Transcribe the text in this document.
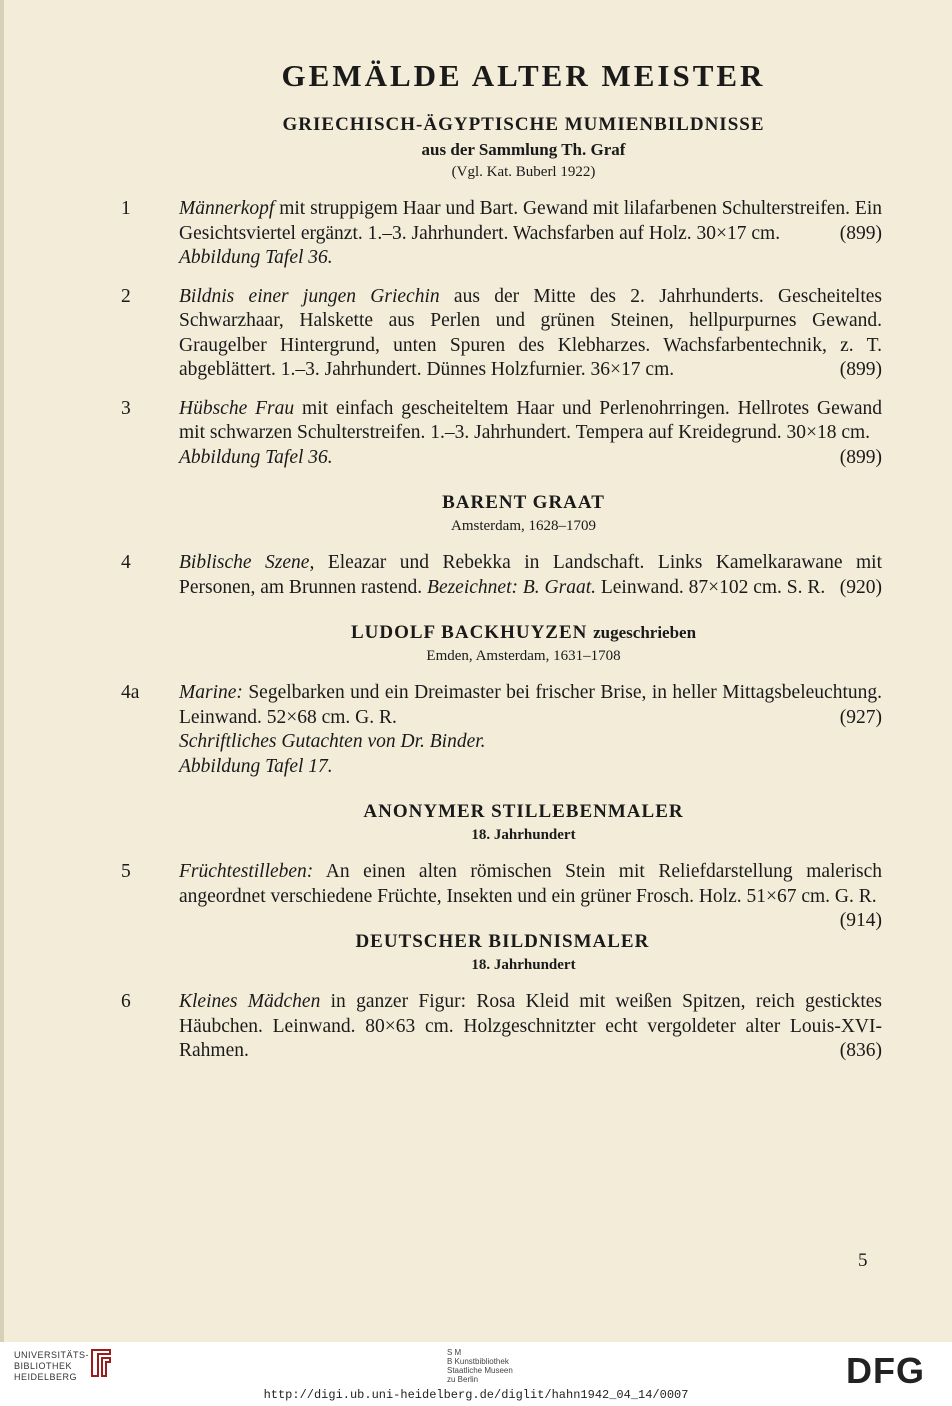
GEMÄLDE ALTER MEISTER
GRIECHISCH-ÄGYPTISCHE MUMIENBILDNISSE
aus der Sammlung Th. Graf
(Vgl. Kat. Buberl 1922)
1 Männerkopf mit struppigem Haar und Bart. Gewand mit lilafarbenen Schulterstreifen. Ein Gesichtsviertel ergänzt. 1.–3. Jahrhundert. Wachsfarben auf Holz. 30×17 cm.	(899)
Abbildung Tafel 36.
2 Bildnis einer jungen Griechin aus der Mitte des 2. Jahrhunderts. Gescheiteltes Schwarzhaar, Halskette aus Perlen und grünen Steinen, hellpurpurnes Gewand. Graugelber Hintergrund, unten Spuren des Klebharzes. Wachsfarbentechnik, z. T. abgeblättert. 1.–3. Jahrhundert. Dünnes Holzfurnier. 36×17 cm.	(899)
3 Hübsche Frau mit einfach gescheiteltem Haar und Perlenohrringen. Hellrotes Gewand mit schwarzen Schulterstreifen. 1.–3. Jahrhundert. Tempera auf Kreidegrund. 30×18 cm.
(899)
Abbildung Tafel 36.
BARENT GRAAT
Amsterdam, 1628–1709
4 Biblische Szene, Eleazar und Rebekka in Landschaft. Links Kamelkarawane mit Personen, am Brunnen rastend. Bezeichnet: B. Graat. Leinwand. 87×102 cm. S. R. (920)
LUDOLF BACKHUYZEN zugeschrieben
Emden, Amsterdam, 1631–1708
4a Marine: Segelbarken und ein Dreimaster bei frischer Brise, in heller Mittagsbeleuchtung. Leinwand. 52×68 cm. G. R.	(927)
Schriftliches Gutachten von Dr. Binder.
Abbildung Tafel 17.
ANONYMER STILLEBENMALER
18. Jahrhundert
5 Früchtestilleben: An einen alten römischen Stein mit Reliefdarstellung malerisch angeordnet verschiedene Früchte, Insekten und ein grüner Frosch. Holz. 51×67 cm. G. R.
(914)
DEUTSCHER BILDNISMALER
18. Jahrhundert
6 Kleines Mädchen in ganzer Figur: Rosa Kleid mit weißen Spitzen, reich gesticktes Häubchen. Leinwand. 80×63 cm. Holzgeschnitzter echt vergoldeter alter Louis-XVI-Rahmen.	(836)
5
UNIVERSITÄTS-
BIBLIOTHEK
HEIDELBERG
S M
B Kunstbibliothek
Staatliche Museen
zu Berlin	DFG
http://digi.ub.uni-heidelberg.de/diglit/hahn1942_04_14/0007
